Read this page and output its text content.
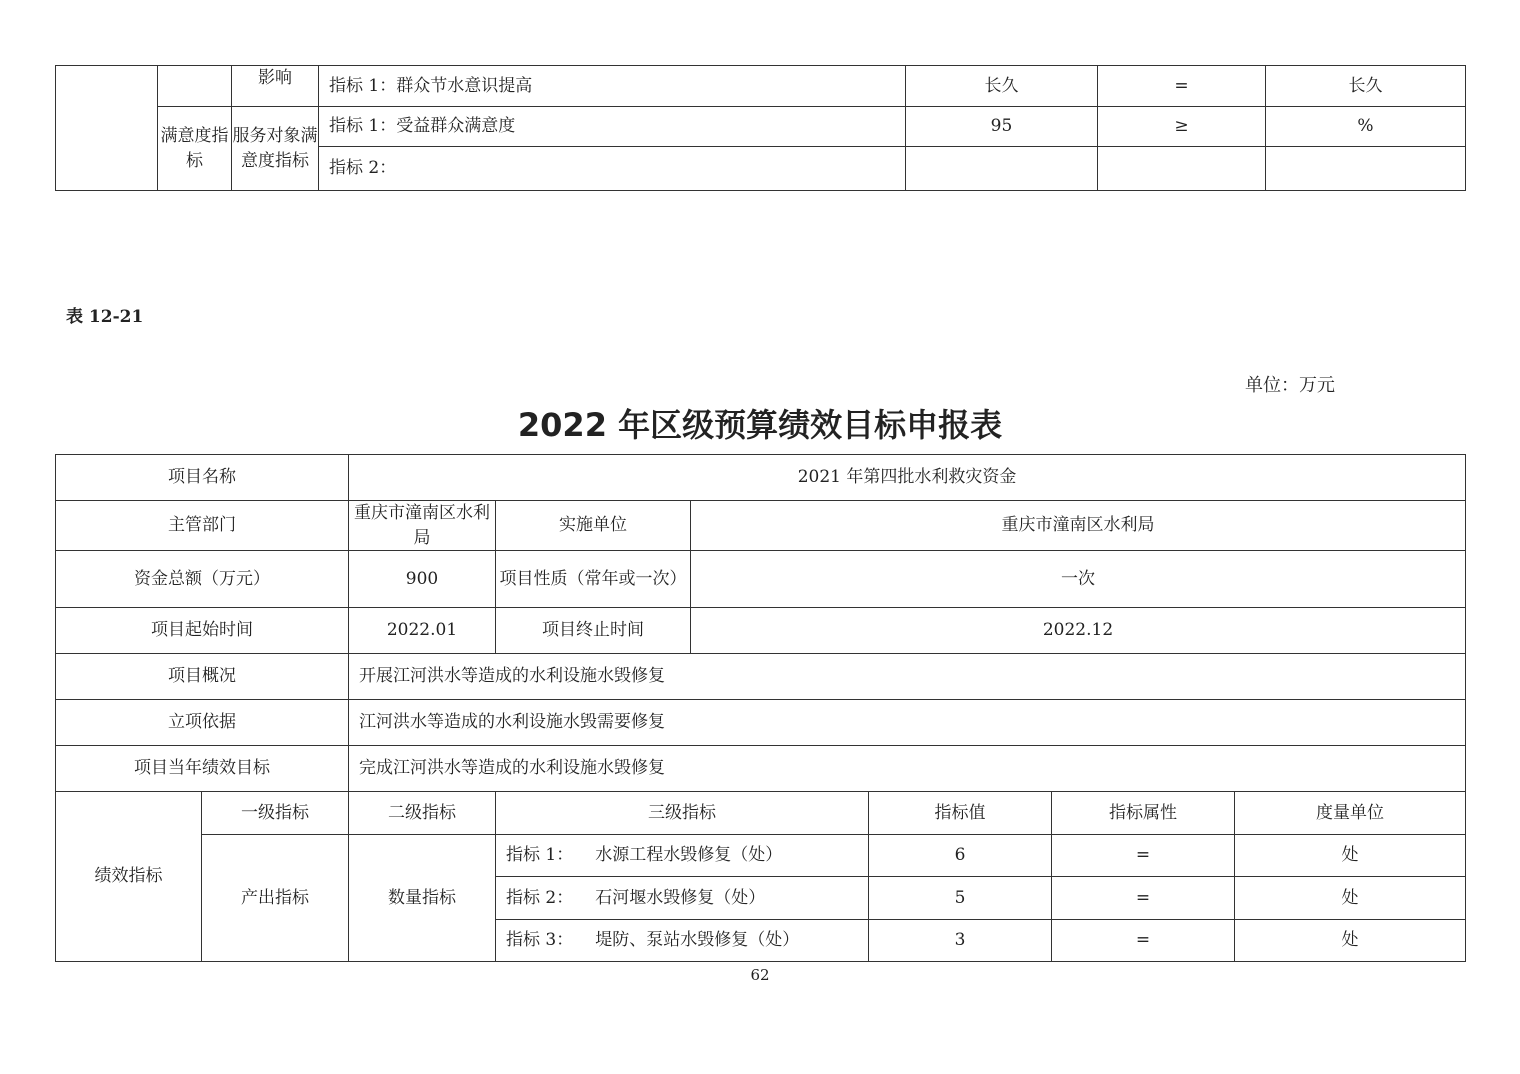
		影响	指标 1：群众节水意识提高	长久	=	长久
	满意度指标	服务对象满意度指标	指标 1：受益群众满意度	95	≥	%
			指标 2：			
表 12-21
单位：万元
2022 年区级预算绩效目标申报表
项目名称		2021 年第四批水利救灾资金					
主管部门		重庆市潼南区水利局	实施单位	重庆市潼南区水利局			
资金总额（万元）		900	项目性质（常年或一次）	一次			
项目起始时间		2022.01	项目终止时间	2022.12			
项目概况		开展江河洪水等造成的水利设施水毁修复					
立项依据		江河洪水等造成的水利设施水毁需要修复					
项目当年绩效目标		完成江河洪水等造成的水利设施水毁修复					
绩效指标	一级指标	二级指标	三级指标		指标值	指标属性	度量单位
	产出指标	数量指标	指标 1： 水源工程水毁修复（处）		6	=	处
			指标 2： 石河堰水毁修复（处）		5	=	处
			指标 3： 堤防、泵站水毁修复（处）		3	=	处
62
